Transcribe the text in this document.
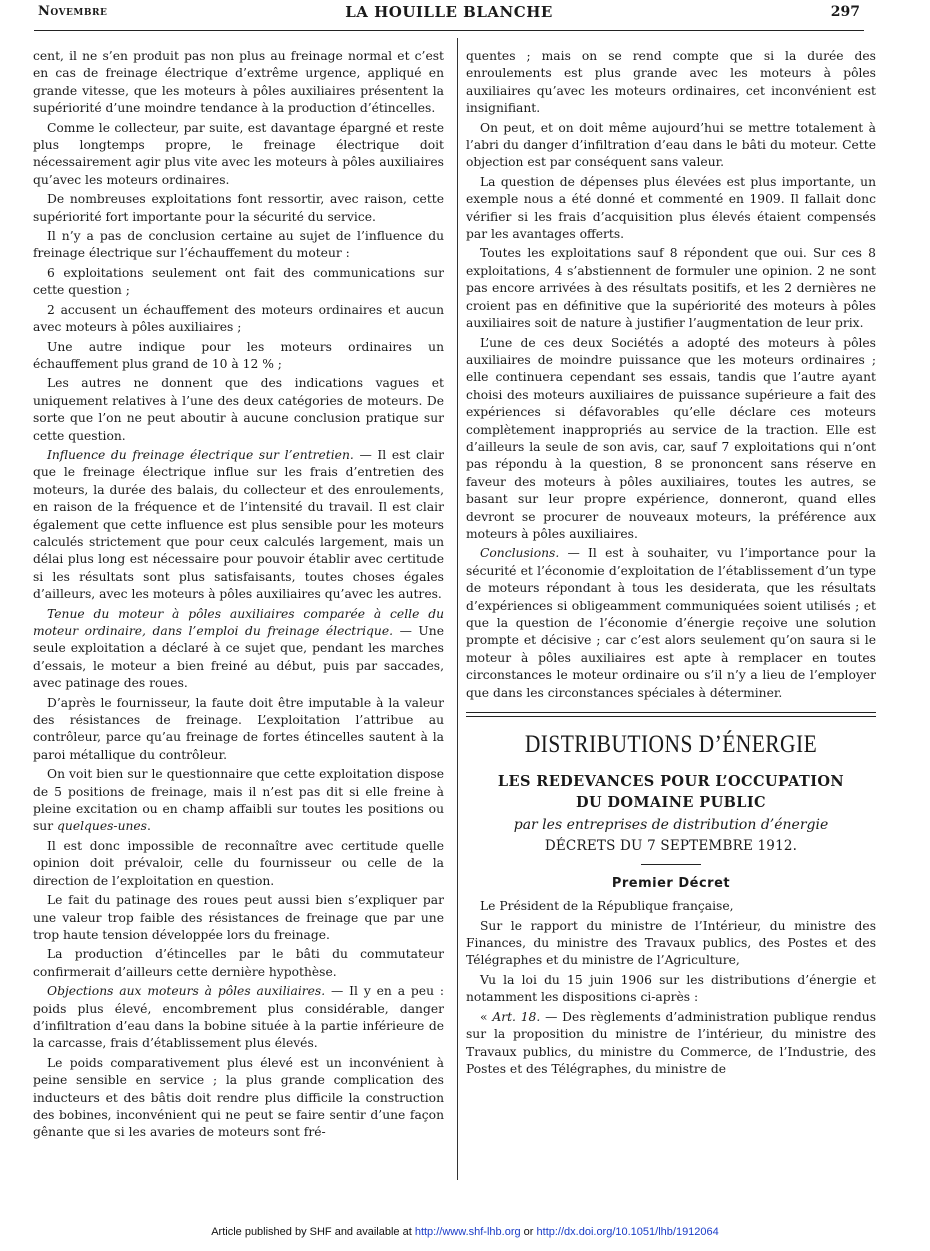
Novembre	LA HOUILLE BLANCHE	297

cent, il ne s’en produit pas non plus au freinage normal et c’est en cas de freinage électrique d’extrême urgence, appliqué en grande vitesse, que les moteurs à pôles auxiliaires présentent la supériorité d’une moindre tendance à la production d’étincelles.

Comme le collecteur, par suite, est davantage épargné et reste plus longtemps propre, le freinage électrique doit nécessairement agir plus vite avec les moteurs à pôles auxiliaires qu’avec les moteurs ordinaires.

De nombreuses exploitations font ressortir, avec raison, cette supériorité fort importante pour la sécurité du service.

Il n’y a pas de conclusion certaine au sujet de l’influence du freinage électrique sur l’échauffement du moteur :

6 exploitations seulement ont fait des communications sur cette question ;

2 accusent un échauffement des moteurs ordinaires et aucun avec moteurs à pôles auxiliaires ;

Une autre indique pour les moteurs ordinaires un échauffement plus grand de 10 à 12 % ;

Les autres ne donnent que des indications vagues et uniquement relatives à l’une des deux catégories de moteurs. De sorte que l’on ne peut aboutir à aucune conclusion pratique sur cette question.

Influence du freinage électrique sur l’entretien. — Il est clair que le freinage électrique influe sur les frais d’entretien des moteurs, la durée des balais, du collecteur et des enroulements, en raison de la fréquence et de l’intensité du travail. Il est clair également que cette influence est plus sensible pour les moteurs calculés strictement que pour ceux calculés largement, mais un délai plus long est nécessaire pour pouvoir établir avec certitude si les résultats sont plus satisfaisants, toutes choses égales d’ailleurs, avec les moteurs à pôles auxiliaires qu’avec les autres.

Tenue du moteur à pôles auxiliaires comparée à celle du moteur ordinaire, dans l’emploi du freinage électrique. — Une seule exploitation a déclaré à ce sujet que, pendant les marches d’essais, le moteur a bien freiné au début, puis par saccades, avec patinage des roues.

D’après le fournisseur, la faute doit être imputable à la valeur des résistances de freinage. L’exploitation l’attribue au contrôleur, parce qu’au freinage de fortes étincelles sautent à la paroi métallique du contrôleur.

On voit bien sur le questionnaire que cette exploitation dispose de 5 positions de freinage, mais il n’est pas dit si elle freine à pleine excitation ou en champ affaibli sur toutes les positions ou sur quelques-unes.

Il est donc impossible de reconnaître avec certitude quelle opinion doit prévaloir, celle du fournisseur ou celle de la direction de l’exploitation en question.

Le fait du patinage des roues peut aussi bien s’expliquer par une valeur trop faible des résistances de freinage que par une trop haute tension développée lors du freinage.

La production d’étincelles par le bâti du commutateur confirmerait d’ailleurs cette dernière hypothèse.

Objections aux moteurs à pôles auxiliaires. — Il y en a peu : poids plus élevé, encombrement plus considérable, danger d’infiltration d’eau dans la bobine située à la partie inférieure de la carcasse, frais d’établissement plus élevés.

Le poids comparativement plus élevé est un inconvénient à peine sensible en service ; la plus grande complication des inducteurs et des bâtis doit rendre plus difficile la construction des bobines, inconvénient qui ne peut se faire sentir d’une façon gênante que si les avaries de moteurs sont fré-

quentes ; mais on se rend compte que si la durée des enroulements est plus grande avec les moteurs à pôles auxiliaires qu’avec les moteurs ordinaires, cet inconvénient est insignifiant.

On peut, et on doit même aujourd’hui se mettre totalement à l’abri du danger d’infiltration d’eau dans le bâti du moteur. Cette objection est par conséquent sans valeur.

La question de dépenses plus élevées est plus importante, un exemple nous a été donné et commenté en 1909. Il fallait donc vérifier si les frais d’acquisition plus élevés étaient compensés par les avantages offerts.

Toutes les exploitations sauf 8 répondent que oui. Sur ces 8 exploitations, 4 s’abstiennent de formuler une opinion. 2 ne sont pas encore arrivées à des résultats positifs, et les 2 dernières ne croient pas en définitive que la supériorité des moteurs à pôles auxiliaires soit de nature à justifier l’augmentation de leur prix.

L’une de ces deux Sociétés a adopté des moteurs à pôles auxiliaires de moindre puissance que les moteurs ordinaires ; elle continuera cependant ses essais, tandis que l’autre ayant choisi des moteurs auxiliaires de puissance supérieure a fait des expériences si défavorables qu’elle déclare ces moteurs complètement inappropriés au service de la traction. Elle est d’ailleurs la seule de son avis, car, sauf 7 exploitations qui n’ont pas répondu à la question, 8 se prononcent sans réserve en faveur des moteurs à pôles auxiliaires, toutes les autres, se basant sur leur propre expérience, donneront, quand elles devront se procurer de nouveaux moteurs, la préférence aux moteurs à pôles auxiliaires.

Conclusions. — Il est à souhaiter, vu l’importance pour la sécurité et l’économie d’exploitation de l’établissement d’un type de moteurs répondant à tous les desiderata, que les résultats d’expériences si obligeamment communiquées soient utilisés ; et que la question de l’économie d’énergie reçoive une solution prompte et décisive ; car c’est alors seulement qu’on saura si le moteur à pôles auxiliaires est apte à remplacer en toutes circonstances le moteur ordinaire ou s’il n’y a lieu de l’employer que dans les circonstances spéciales à déterminer.

DISTRIBUTIONS D’ÉNERGIE
LES REDEVANCES POUR L’OCCUPATION
DU DOMAINE PUBLIC
par les entreprises de distribution d’énergie
DÉCRETS DU 7 SEPTEMBRE 1912.
Premier Décret

Le Président de la République française,

Sur le rapport du ministre de l’Intérieur, du ministre des Finances, du ministre des Travaux publics, des Postes et des Télégraphes et du ministre de l’Agriculture,

Vu la loi du 15 juin 1906 sur les distributions d’énergie et notamment les dispositions ci-après :

« Art. 18. — Des règlements d’administration publique rendus sur la proposition du ministre de l’intérieur, du ministre des Travaux publics, du ministre du Commerce, de l’Industrie, des Postes et des Télégraphes, du ministre de

Article published by SHF and available at http://www.shf-lhb.org or http://dx.doi.org/10.1051/lhb/1912064
